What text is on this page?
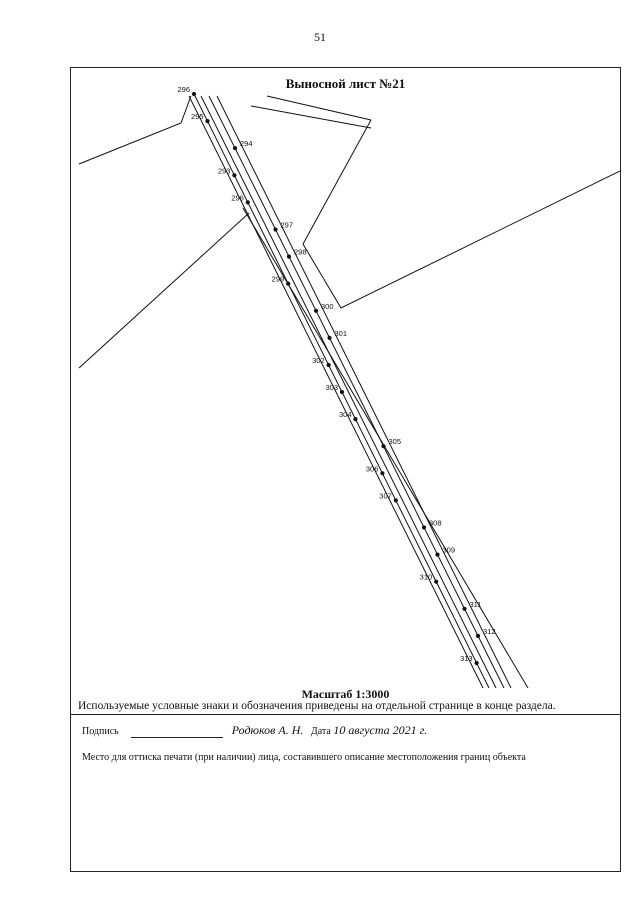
51
296
295
294
293
296
297
298
299
300
301
302
303
304
305
306
307
308
309
310
311
312
313
Выносной лист №21
Масштаб 1:3000
Используемые условные знаки и обозначения приведены на отдельной странице в конце раздела.
Подпись	Родюков А. Н. Дата 10 августа 2021 г.
Место для оттиска печати (при наличии) лица, составившего описание местоположения границ объекта
